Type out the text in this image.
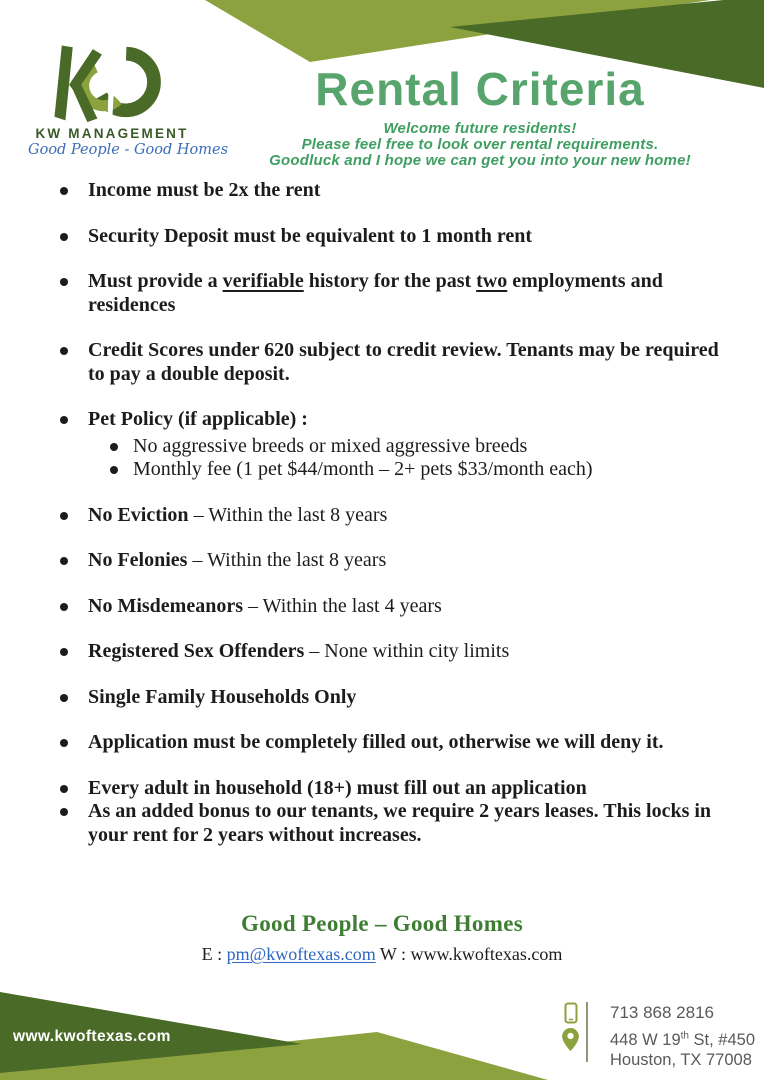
KW MANAGEMENT
Good People - Good Homes
Rental Criteria
Welcome future residents!
Please feel free to look over rental requirements.
Goodluck and I hope we can get you into your new home!
Income must be 2x the rent
Security Deposit must be equivalent to 1 month rent
Must provide a verifiable history for the past two employments and residences
Credit Scores under 620 subject to credit review. Tenants may be required to pay a double deposit.
Pet Policy (if applicable) :
No aggressive breeds or mixed aggressive breeds
Monthly fee (1 pet $44/month – 2+ pets $33/month each)
No Eviction – Within the last 8 years
No Felonies – Within the last 8 years
No Misdemeanors – Within the last 4 years
Registered Sex Offenders – None within city limits
Single Family Households Only
Application must be completely filled out, otherwise we will deny it.
Every adult in household (18+) must fill out an application
As an added bonus to our tenants, we require 2 years leases. This locks in your rent for 2 years without increases.
Good People – Good Homes
E : pm@kwoftexas.com W : www.kwoftexas.com
www.kwoftexas.com
713 868 2816
448 W 19th St, #450
Houston, TX 77008
